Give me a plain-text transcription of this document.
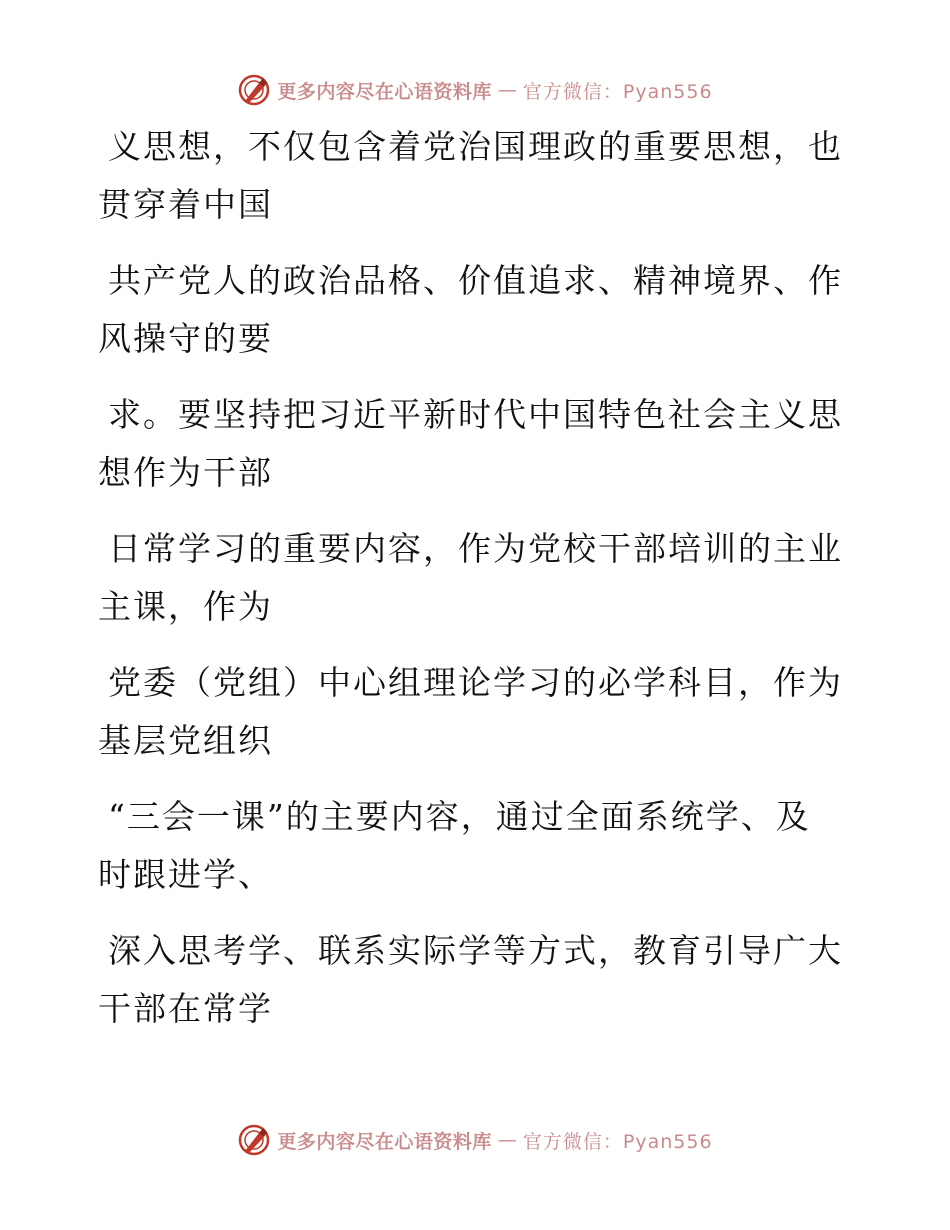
更多内容尽在心语资料库 — 官方微信：Pyan556
义思想，不仅包含着党治国理政的重要思想，也
贯穿着中国
共产党人的政治品格、价值追求、精神境界、作
风操守的要
求。要坚持把习近平新时代中国特色社会主义思
想作为干部
日常学习的重要内容，作为党校干部培训的主业
主课，作为
党委（党组）中心组理论学习的必学科目，作为
基层党组织
“三会一课”的主要内容，通过全面系统学、及
时跟进学、
深入思考学、联系实际学等方式，教育引导广大
干部在常学
更多内容尽在心语资料库 — 官方微信：Pyan556
